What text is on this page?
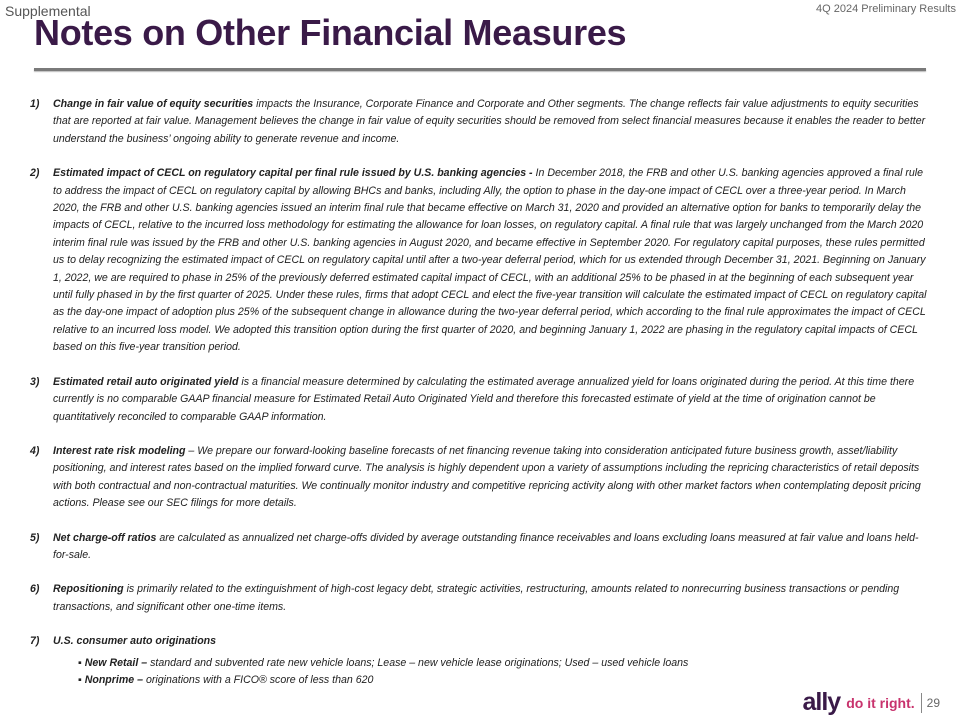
Supplemental	4Q 2024 Preliminary Results
Notes on Other Financial Measures
1)	Change in fair value of equity securities impacts the Insurance, Corporate Finance and Corporate and Other segments. The change reflects fair value adjustments to equity securities that are reported at fair value. Management believes the change in fair value of equity securities should be removed from select financial measures because it enables the reader to better understand the business’ ongoing ability to generate revenue and income.
2)	Estimated impact of CECL on regulatory capital per final rule issued by U.S. banking agencies - In December 2018, the FRB and other U.S. banking agencies approved a final rule to address the impact of CECL on regulatory capital by allowing BHCs and banks, including Ally, the option to phase in the day-one impact of CECL over a three-year period. In March 2020, the FRB and other U.S. banking agencies issued an interim final rule that became effective on March 31, 2020 and provided an alternative option for banks to temporarily delay the impacts of CECL, relative to the incurred loss methodology for estimating the allowance for loan losses, on regulatory capital. A final rule that was largely unchanged from the March 2020 interim final rule was issued by the FRB and other U.S. banking agencies in August 2020, and became effective in September 2020. For regulatory capital purposes, these rules permitted us to delay recognizing the estimated impact of CECL on regulatory capital until after a two-year deferral period, which for us extended through December 31, 2021. Beginning on January 1, 2022, we are required to phase in 25% of the previously deferred estimated capital impact of CECL, with an additional 25% to be phased in at the beginning of each subsequent year until fully phased in by the first quarter of 2025. Under these rules, firms that adopt CECL and elect the five-year transition will calculate the estimated impact of CECL on regulatory capital as the day-one impact of adoption plus 25% of the subsequent change in allowance during the two-year deferral period, which according to the final rule approximates the impact of CECL relative to an incurred loss model. We adopted this transition option during the first quarter of 2020, and beginning January 1, 2022 are phasing in the regulatory capital impacts of CECL based on this five-year transition period.
3)	Estimated retail auto originated yield is a financial measure determined by calculating the estimated average annualized yield for loans originated during the period. At this time there currently is no comparable GAAP financial measure for Estimated Retail Auto Originated Yield and therefore this forecasted estimate of yield at the time of origination cannot be quantitatively reconciled to comparable GAAP information.
4)	Interest rate risk modeling – We prepare our forward-looking baseline forecasts of net financing revenue taking into consideration anticipated future business growth, asset/liability positioning, and interest rates based on the implied forward curve. The analysis is highly dependent upon a variety of assumptions including the repricing characteristics of retail deposits with both contractual and non-contractual maturities. We continually monitor industry and competitive repricing activity along with other market factors when contemplating deposit pricing actions. Please see our SEC filings for more details.
5)	Net charge-off ratios are calculated as annualized net charge-offs divided by average outstanding finance receivables and loans excluding loans measured at fair value and loans held-for-sale.
6)	Repositioning is primarily related to the extinguishment of high-cost legacy debt, strategic activities, restructuring, amounts related to nonrecurring business transactions or pending transactions, and significant other one-time items.
7)	U.S. consumer auto originations
▪ New Retail – standard and subvented rate new vehicle loans; Lease – new vehicle lease originations; Used – used vehicle loans
▪ Nonprime – originations with a FICO® score of less than 620
ally do it right. 29
